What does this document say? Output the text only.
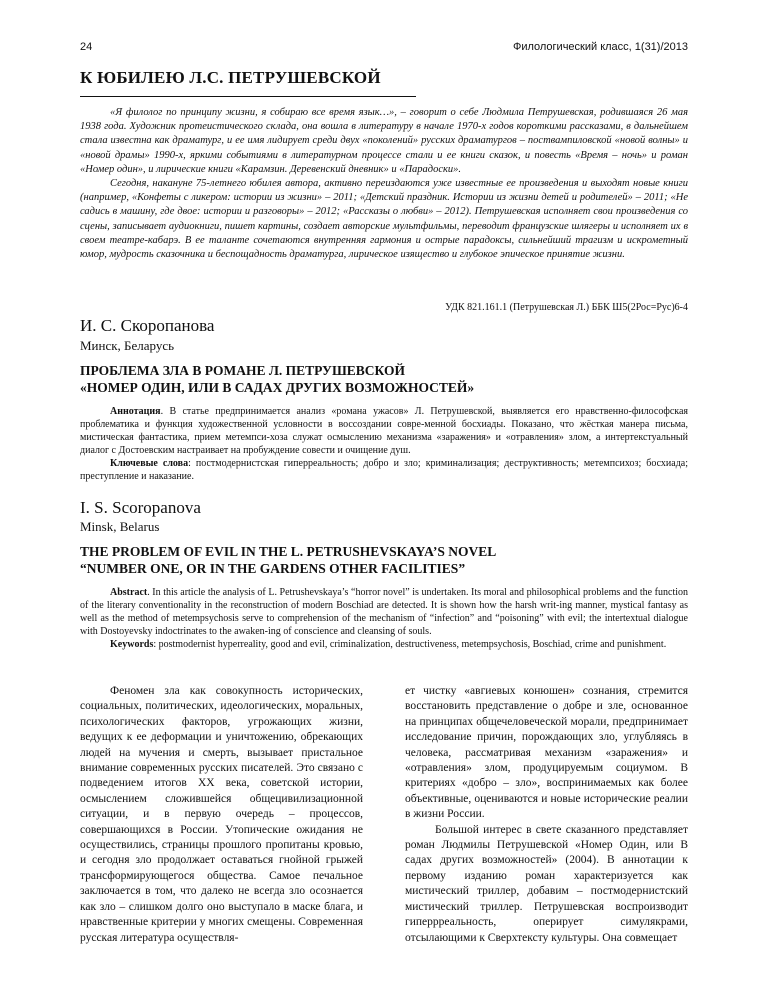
24	Филологический класс, 1(31)/2013
К ЮБИЛЕЮ Л.С. ПЕТРУШЕВСКОЙ

«Я филолог по принципу жизни, я собираю все время язык…», – говорит о себе Людмила Петрушевская, родившаяся 26 мая 1938 года. Художник протеистического склада, она вошла в литературу в начале 1970-х годов короткими рассказами, в дальнейшем стала известна как драматург, и ее имя лидирует среди двух «поколений» русских драматургов – поствампиловской «новой волны» и «новой драмы» 1990-х, яркими событиями в литературном процессе стали и ее книги сказок, и повесть «Время – ночь» и роман «Номер один», и лирические книги «Карамзин. Деревенский дневник» и «Парадоски».

Сегодня, накануне 75-летнего юбилея автора, активно переиздаются уже известные ее произведения и выходят новые книги (например, «Конфеты с ликером: истории из жизни» – 2011; «Детский праздник. Истории из жизни детей и родителей» – 2011; «Не садись в машину, где двое: истории и разговоры» – 2012; «Рассказы о любви» – 2012). Петрушевская исполняет свои произведения со сцены, записывает аудиокниги, пишет картины, создает авторские мультфильмы, переводит французские шлягеры и исполняет их в своем театре-кабарэ. В ее таланте сочетаются внутренняя гармония и острые парадоксы, сильнейший трагизм и искрометный юмор, мудрость сказочника и беспощадность драматурга, лирическое изящество и глубокое эпическое принятие жизни.

УДК 821.161.1 (Петрушевская Л.) ББК Ш5(2Рос=Рус)6-4
И. С. Скоропанова
Минск, Беларусь
ПРОБЛЕМА ЗЛА В РОМАНЕ Л. ПЕТРУШЕВСКОЙ
«НОМЕР ОДИН, ИЛИ В САДАХ ДРУГИХ ВОЗМОЖНОСТЕЙ»

Аннотация. В статье предпринимается анализ «романа ужасов» Л. Петрушевской, выявляется его нравственно-философская проблематика и функция художественной условности в воссоздании совре-менной босхиады. Показано, что жёсткая манера письма, мистическая фантастика, прием метемпси-хоза служат осмыслению механизма «заражения» и «отравления» злом, а интертекстуальный диалог с Достоевским настраивает на пробуждение совести и очищение душ.

Ключевые слова: постмодернистская гиперреальность; добро и зло; криминализация; деструктивность; метемпсихоз; босхиада; преступление и наказание.

I. S. Scoropanova
Minsk, Belarus
THE PROBLEM OF EVIL IN THE L. PETRUSHEVSKAYA’S NOVEL
“NUMBER ONE, OR IN THE GARDENS OTHER FACILITIES”

Abstract. In this article the analysis of L. Petrushevskaya’s “horror novel” is undertaken. Its moral and philosophical problems and the function of the literary conventionality in the reconstruction of modern Boschiad are detected. It is shown how the harsh writ-ing manner, mystical fantasy as well as the method of metempsychosis serve to comprehension of the mechanism of “infection” and “poisoning” with evil; the intertextual dialogue with Dostoyevsky indoctrinates to the awaken-ing of conscience and cleansing of souls.

Keywords: postmodernist hyperreality, good and evil, criminalization, destructiveness, metempsychosis, Boschiad, crime and punishment.

Феномен зла как совокупность исторических, социальных, политических, идеологических, моральных, психологических факторов, угрожающих жизни, ведущих к ее деформации и уничтожению, обрекающих людей на мучения и смерть, вызывает пристальное внимание современных русских писателей. Это связано с подведением итогов XX века, советской истории, осмыслением сложившейся общецивилизационной ситуации, и в первую очередь – процессов, совершающихся в России. Утопические ожидания не осуществились, страницы прошлого пропитаны кровью, и сегодня зло продолжает оставаться гнойной грыжей трансформирующегося общества. Самое печальное заключается в том, что далеко не всегда зло осознается как зло – слишком долго оно выступало в маске блага, и нравственные критерии у многих смещены. Современная русская литература осуществля-

ет чистку «авгиевых конюшен» сознания, стремится восстановить представление о добре и зле, основанное на принципах общечеловеческой морали, предпринимает исследование причин, порождающих зло, углубляясь в человека, рассматривая механизм «заражения» и «отравления» злом, продуцируемым социумом. В критериях «добро – зло», воспринимаемых как более объективные, оцениваются и новые исторические реалии в жизни России.

Большой интерес в свете сказанного представляет роман Людмилы Петрушевской «Номер Один, или В садах других возможностей» (2004). В аннотации к первому изданию роман характеризуется как мистический триллер, добавим – постмодернистский мистический триллер. Петрушевская воспроизводит гиперрреальность, оперирует симулякрами, отсылающими к Сверхтексту культуры. Она совмещает
